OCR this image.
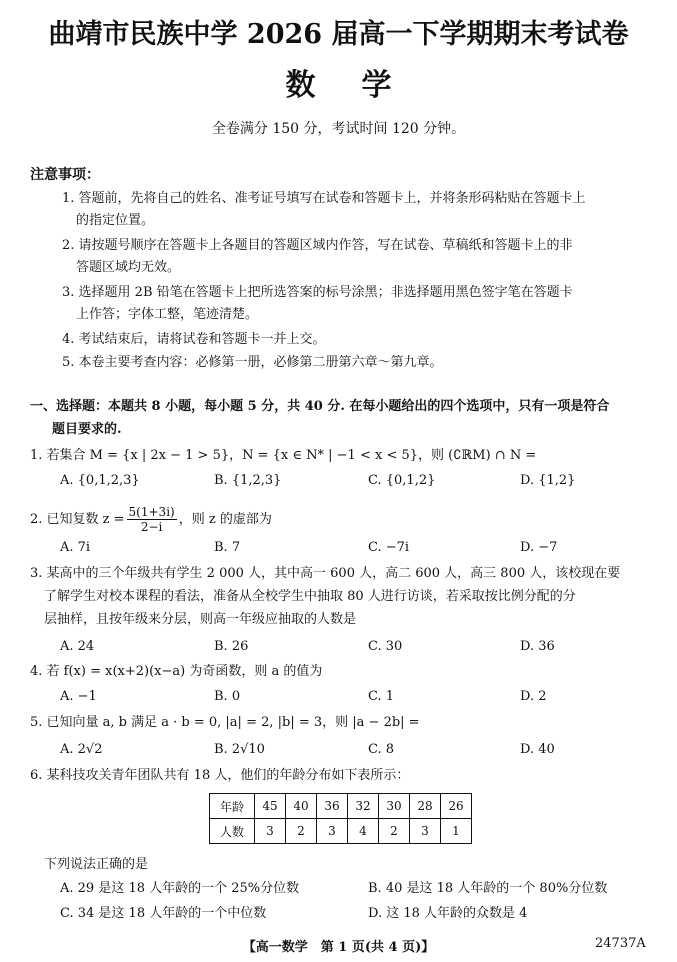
曲靖市民族中学 2026 届高一下学期期末考试卷
数学
全卷满分 150 分，考试时间 120 分钟。
注意事项：
1. 答题前，先将自己的姓名、准考证号填写在试卷和答题卡上，并将条形码粘贴在答题卡上
的指定位置。
2. 请按题号顺序在答题卡上各题目的答题区域内作答，写在试卷、草稿纸和答题卡上的非
答题区域均无效。
3. 选择题用 2B 铅笔在答题卡上把所选答案的标号涂黑；非选择题用黑色签字笔在答题卡
上作答；字体工整，笔迹清楚。
4. 考试结束后，请将试卷和答题卡一并上交。
5. 本卷主要考查内容：必修第一册，必修第二册第六章～第九章。
一、选择题：本题共 8 小题，每小题 5 分，共 40 分. 在每小题给出的四个选项中，只有一项是符合
题目要求的.
1. 若集合 M = {x | 2x − 1 > 5}，N = {x ∈ N* | −1 < x < 5}，则 (∁ℝM) ∩ N =
A. {0,1,2,3}	B. {1,2,3}	C. {0,1,2}	D. {1,2}
2. 已知复数 $z = \frac{5(1+3i)}{2-i}$ ，则 z 的虚部为
A. 7i	B. 7	C. −7i	D. −7
3. 某高中的三个年级共有学生 2 000 人，其中高一 600 人，高二 600 人，高三 800 人，该校现在要
了解学生对校本课程的看法，准备从全校学生中抽取 80 人进行访谈，若采取按比例分配的分
层抽样，且按年级来分层，则高一年级应抽取的人数是
A. 24	B. 26	C. 30	D. 36
4. 若 f(x) = x(x+2)(x−a) 为奇函数，则 a 的值为
A. −1	B. 0	C. 1	D. 2
5. 已知向量 a, b 满足 a · b = 0, |a| = 2, |b| = 3，则 |a − 2b| =
A. 2√2	B. 2√10	C. 8	D. 40
6. 某科技攻关青年团队共有 18 人，他们的年龄分布如下表所示：
年龄	45	40	36	32	30	28	26
人数	3	2	3	4	2	3	1
下列说法正确的是
A. 29 是这 18 人年龄的一个 25%分位数	B. 40 是这 18 人年龄的一个 80%分位数
C. 34 是这 18 人年龄的一个中位数	D. 这 18 人年龄的众数是 4
【高一数学　第 1 页(共 4 页)】	24737A
